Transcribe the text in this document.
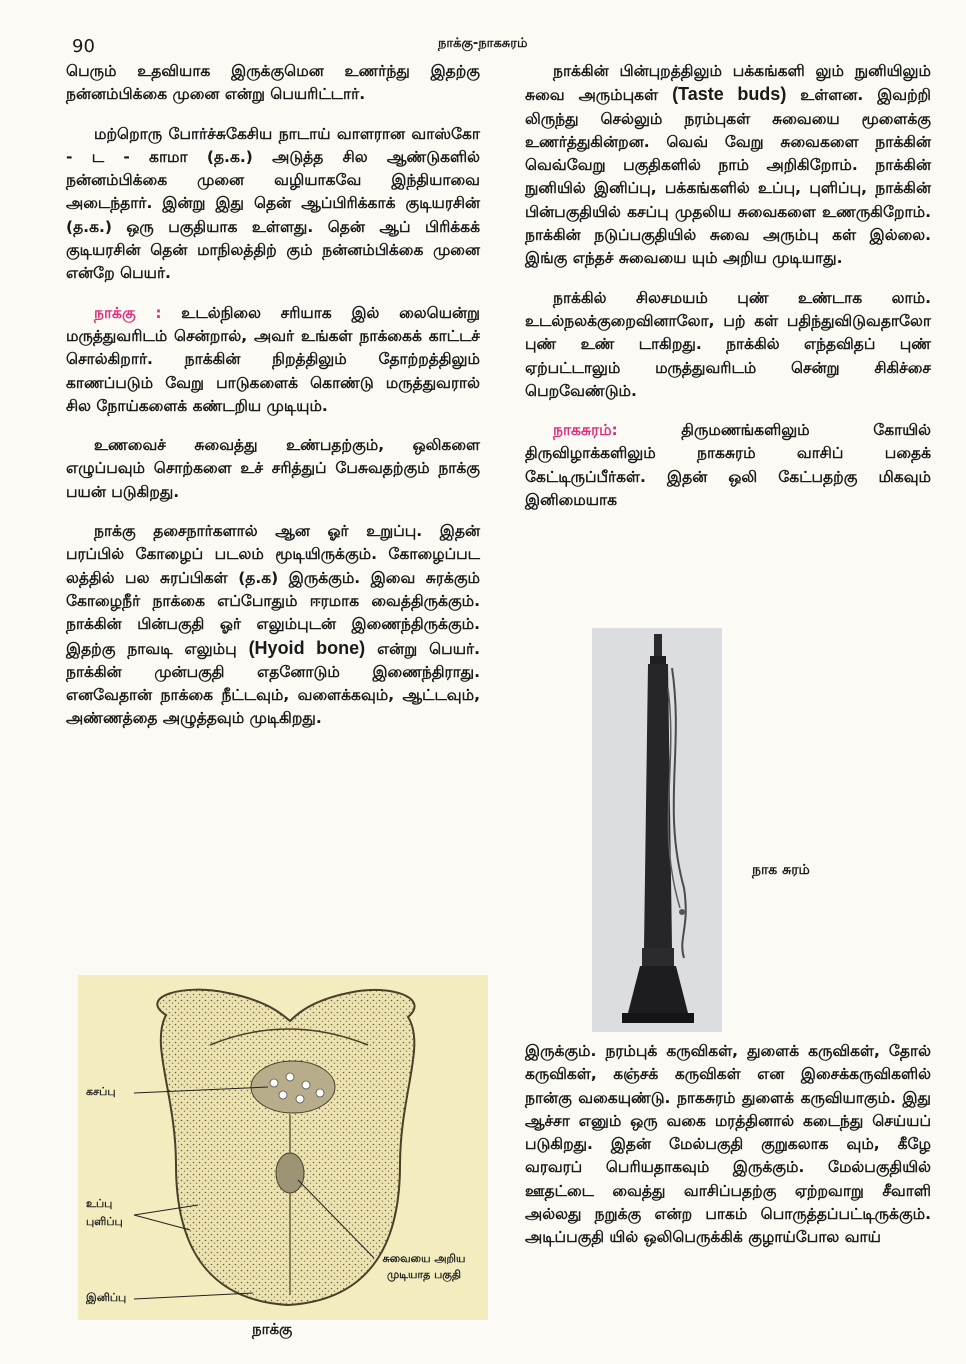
90	நாக்கு-நாகசுரம்

பெரும் உதவியாக இருக்குமென உணர்ந்து இதற்கு நன்னம்பிக்கை முனை என்று பெயரிட்டார்.

மற்றொரு போர்ச்சுகேசிய நாடாய் வாளரான வாஸ்கோ - ட - காமா (த.க.) அடுத்த சில ஆண்டுகளில் நன்னம்பிக்கை முனை வழியாகவே இந்தியாவை அடைந்தார். இன்று இது தென் ஆப்பிரிக்காக் குடியரசின் (த.க.) ஒரு பகுதியாக உள்ளது. தென் ஆப் பிரிக்கக் குடியரசின் தென் மாநிலத்திற் கும் நன்னம்பிக்கை முனை என்றே பெயர்.

நாக்கு : உடல்நிலை சரியாக இல் லையென்று மருத்துவரிடம் சென்றால், அவர் உங்கள் நாக்கைக் காட்டச் சொல்கிறார். நாக்கின் நிறத்திலும் தோற்றத்திலும் காணப்படும் வேறு பாடுகளைக் கொண்டு மருத்துவரால் சில நோய்களைக் கண்டறிய முடியும்.

உணவைச் சுவைத்து உண்பதற்கும், ஒலிகளை எழுப்பவும் சொற்களை உச் சரித்துப் பேசுவதற்கும் நாக்கு பயன் படுகிறது.

நாக்கு தசைநார்களால் ஆன ஓர் உறுப்பு. இதன் பரப்பில் கோழைப் படலம் மூடியிருக்கும். கோழைப்பட லத்தில் பல சுரப்பிகள் (த.க) இருக்கும். இவை சுரக்கும் கோழைநீர் நாக்கை எப்போதும் ஈரமாக வைத்திருக்கும். நாக்கின் பின்பகுதி ஓர் எலும்புடன் இணைந்திருக்கும். இதற்கு நாவடி எலும்பு (Hyoid bone) என்று பெயர். நாக்கின் முன்பகுதி எதனோடும் இணைந்திராது. எனவேதான் நாக்கை நீட்டவும், வளைக்கவும், ஆட்டவும், அண்ணத்தை அழுத்தவும் முடிகிறது.

நாக்கின் பின்புறத்திலும் பக்கங்களி லும் நுனியிலும் சுவை அரும்புகள் (Taste buds) உள்ளன. இவற்றி லிருந்து செல்லும் நரம்புகள் சுவையை மூளைக்கு உணர்த்துகின்றன. வெவ் வேறு சுவைகளை நாக்கின் வெவ்வேறு பகுதிகளில் நாம் அறிகிறோம். நாக்கின் நுனியில் இனிப்பு, பக்கங்களில் உப்பு, புளிப்பு, நாக்கின் பின்பகுதியில் கசப்பு முதலிய சுவைகளை உணருகிறோம். நாக்கின் நடுப்பகுதியில் சுவை அரும்பு கள் இல்லை. இங்கு எந்தச் சுவையை யும் அறிய முடியாது.

நாக்கில் சிலசமயம் புண் உண்டாக லாம். உடல்நலக்குறைவினாலோ, பற் கள் பதிந்துவிடுவதாலோ புண் உண் டாகிறது. நாக்கில் எந்தவிதப் புண் ஏற்பட்டாலும் மருத்துவரிடம் சென்று சிகிச்சை பெறவேண்டும்.

நாகசுரம்: திருமணங்களிலும் கோயில் திருவிழாக்களிலும் நாகசுரம் வாசிப் பதைக் கேட்டிருப்பீர்கள். இதன் ஒலி கேட்பதற்கு மிகவும் இனிமையாக

இருக்கும். நரம்புக் கருவிகள், துளைக் கருவிகள், தோல் கருவிகள், கஞ்சக் கருவிகள் என இசைக்கருவிகளில் நான்கு வகையுண்டு. நாகசுரம் துளைக் கருவியாகும். இது ஆச்சா எனும் ஒரு வகை மரத்தினால் கடைந்து செய்யப் படுகிறது. இதன் மேல்பகுதி குறுகலாக வும், கீழே வரவரப் பெரியதாகவும் இருக்கும். மேல்பகுதியில் ஊதட்டை வைத்து வாசிப்பதற்கு ஏற்றவாறு சீவாளி அல்லது நறுக்கு என்ற பாகம் பொருத்தப்பட்டிருக்கும். அடிப்பகுதி யில் ஒலிபெருக்கிக் குழாய்போல வாய்

கசப்பு
உப்பு
புளிப்பு
இனிப்பு
சுவையை அறிய முடியாத பகுதி
நாக்கு
நாக சுரம்
